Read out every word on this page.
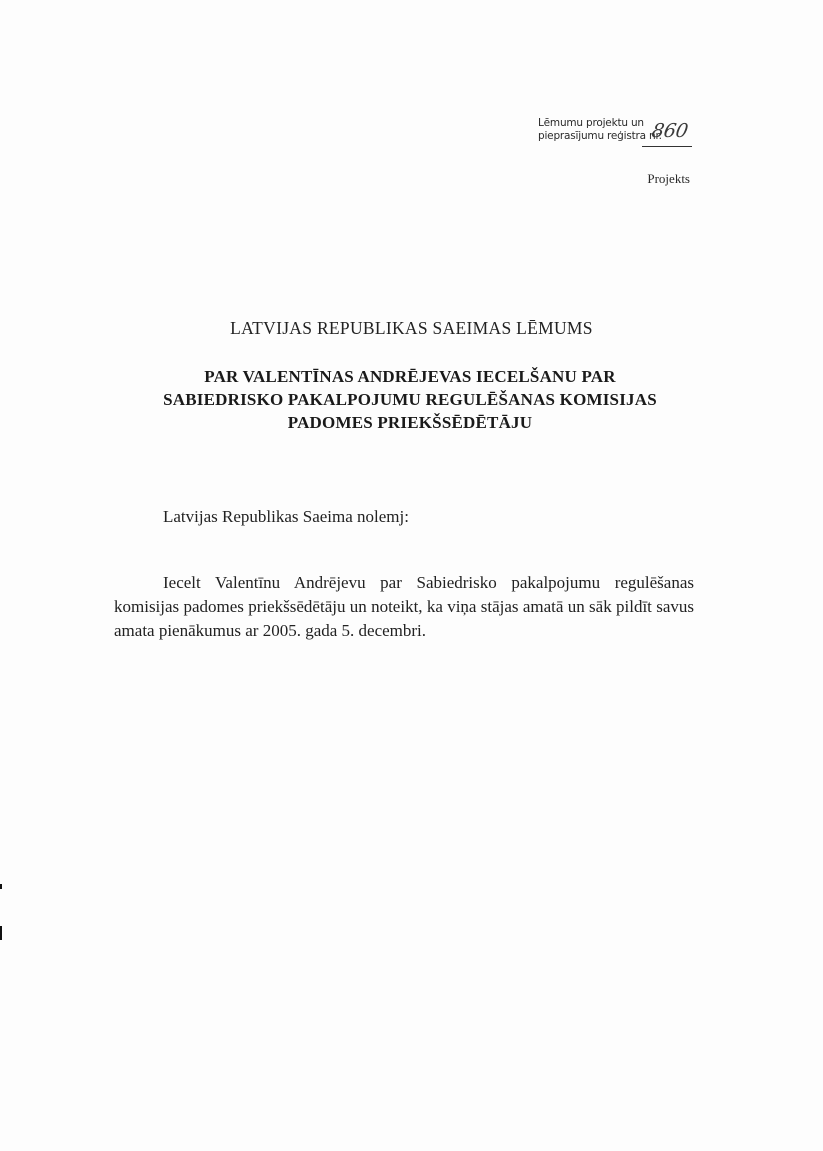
Lēmumu projektu un
pieprasījumu reģistra nr.
860
Projekts
LATVIJAS REPUBLIKAS SAEIMAS LĒMUMS
PAR VALENTĪNAS ANDRĒJEVAS IECELŠANU PAR
SABIEDRISKO PAKALPOJUMU REGULĒŠANAS KOMISIJAS
PADOMES PRIEKŠSĒDĒTĀJU
Latvijas Republikas Saeima nolemj:
Iecelt Valentīnu Andrējevu par Sabiedrisko pakalpojumu regulēšanas komisijas padomes priekšsēdētāju un noteikt, ka viņa stājas amatā un sāk pildīt savus amata pienākumus ar 2005. gada 5. decembri.
